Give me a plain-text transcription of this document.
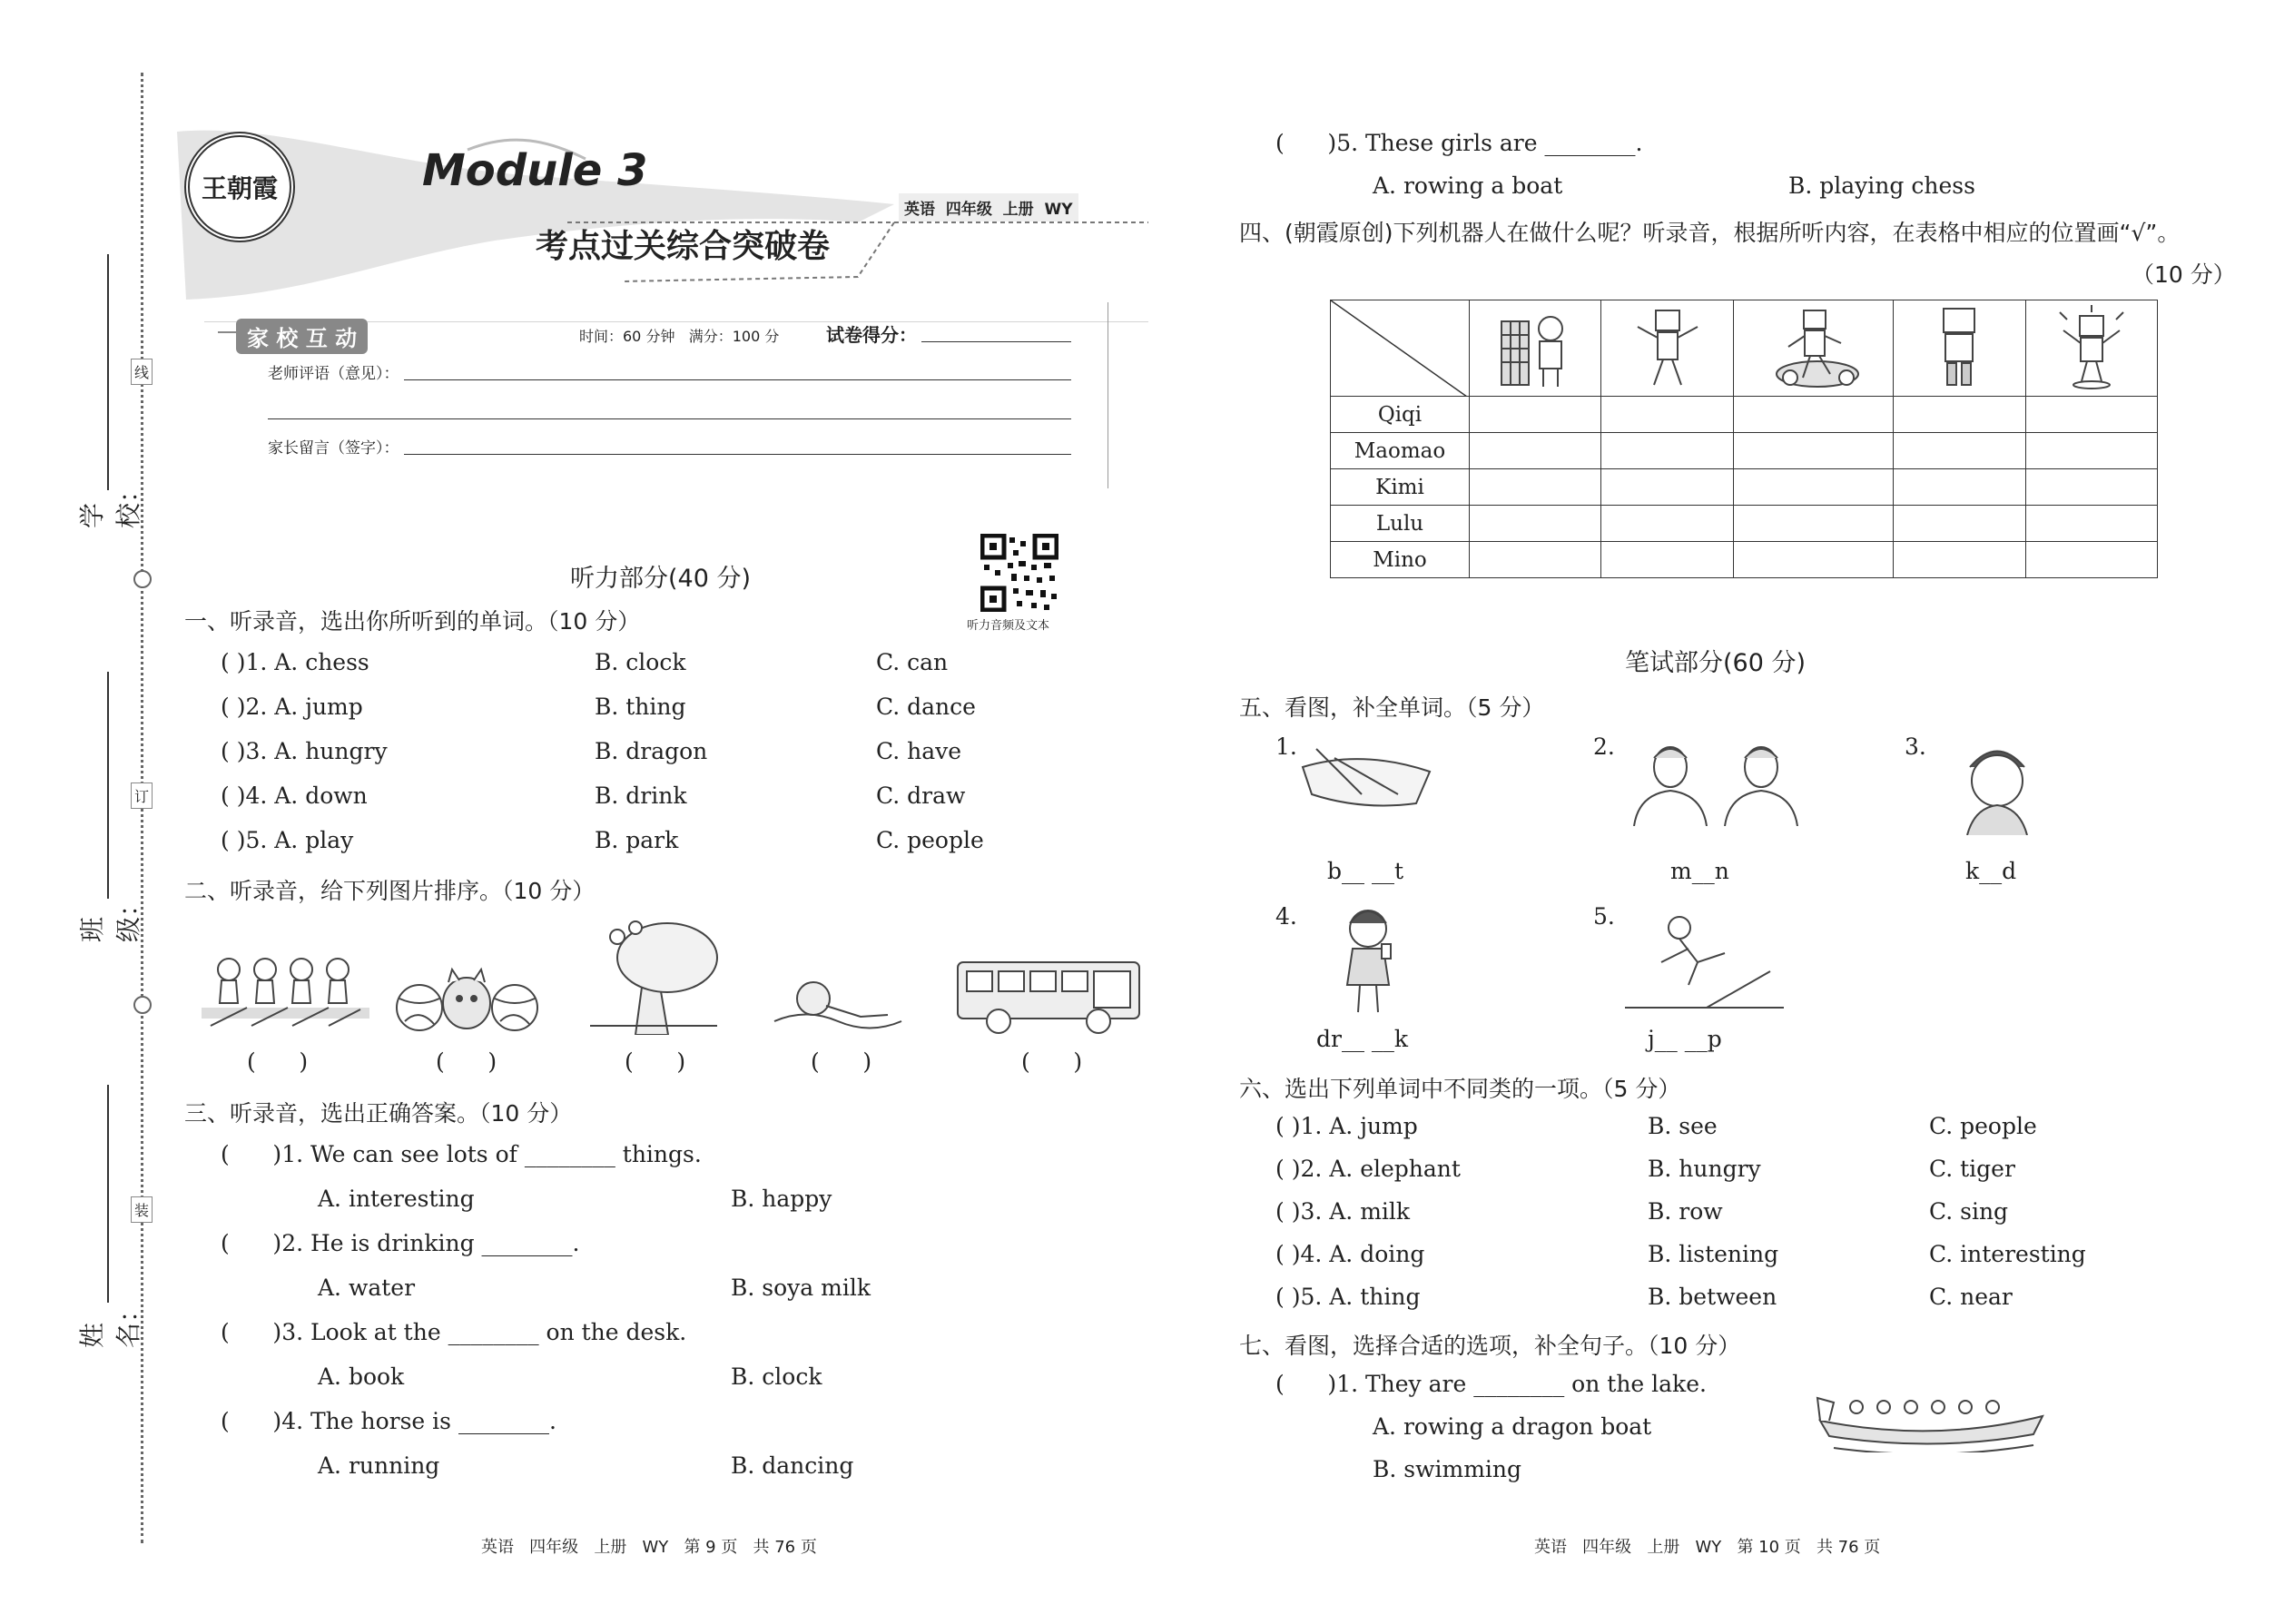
线
订
装
学校：
班级：
姓名：
王朝霞	Module 3
考点过关综合突破卷
英语  四年级  上册  WY
家 校 互 动	时间：60 分钟   满分：100 分	试卷得分：
老师评语（意见）：
家长留言（签字）：
听力音频及文本
听力部分(40 分)
一、听录音，选出你所听到的单词。（10 分）
( )1. A. chess	B. clock	C. can
( )2. A. jump	B. thing	C. dance
( )3. A. hungry	B. dragon	C. have
( )4. A. down	B. drink	C. draw
( )5. A. play	B. park	C. people
二、听录音，给下列图片排序。（10 分）
(      )	(      )	(      )	(      )	(      )
三、听录音，选出正确答案。（10 分）
(      )1. We can see lots of ________ things.
A. interesting	B. happy
(      )2. He is drinking ________.
A. water	B. soya milk
(      )3. Look at the ________ on the desk.
A. book	B. clock
(      )4. The horse is ________.
A. running	B. dancing
英语   四年级   上册   WY   第 9 页   共 76 页
(      )5. These girls are ________.
A. rowing a boat	B. playing chess
四、(朝霞原创)下列机器人在做什么呢？听录音，根据所听内容，在表格中相应的位置画“√”。
（10 分）

Qiqi					
Maomao					
Kimi					
Lulu					
Mino					
笔试部分(60 分)
五、看图，补全单词。（5 分）
1.
b__ __t
2.
m__n
3.
k__d
4.
dr__ __k
5.
j__ __p
六、选出下列单词中不同类的一项。（5 分）
( )1. A. jump	B. see	C. people
( )2. A. elephant	B. hungry	C. tiger
( )3. A. milk	B. row	C. sing
( )4. A. doing	B. listening	C. interesting
( )5. A. thing	B. between	C. near
七、看图，选择合适的选项，补全句子。（10 分）
(      )1. They are ________ on the lake.
A. rowing a dragon boat
B. swimming
英语   四年级   上册   WY   第 10 页   共 76 页
